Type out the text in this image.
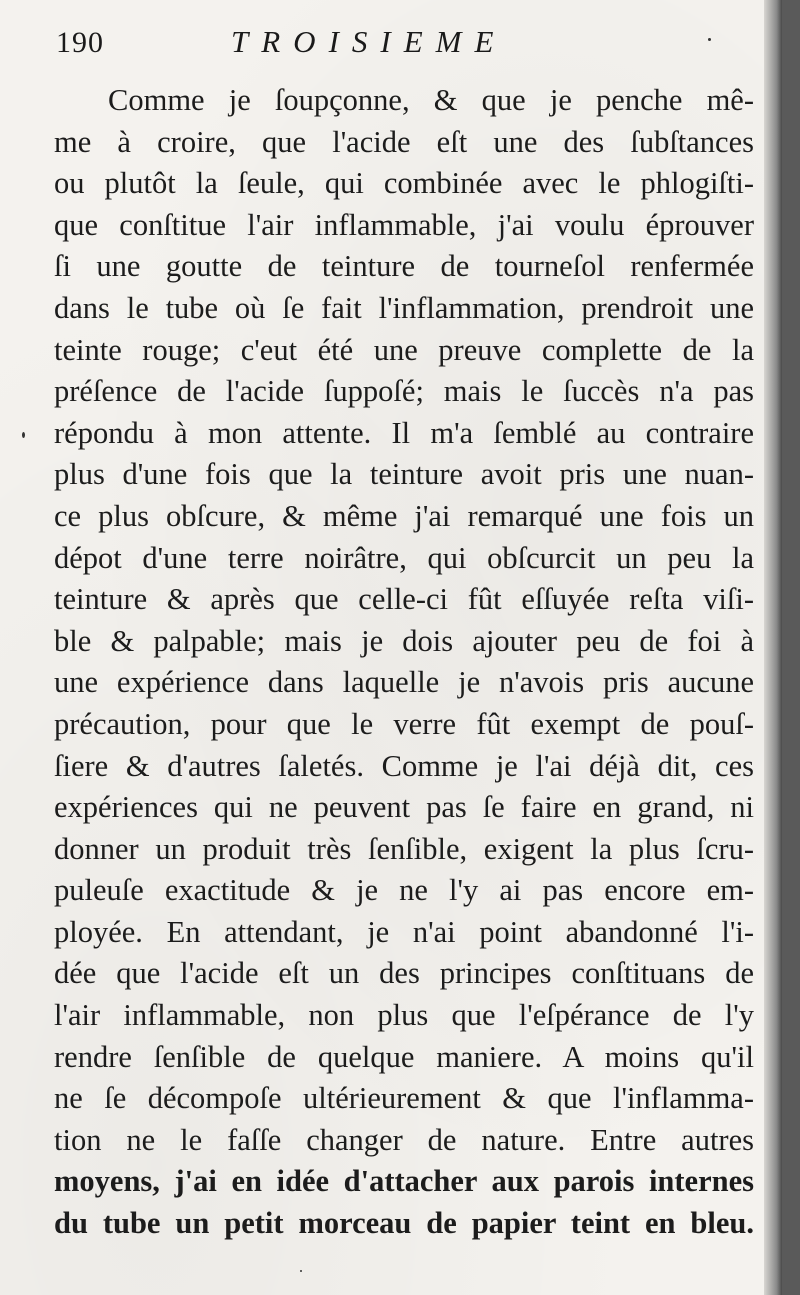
190	TROISIEME
Comme je ſoupçonne, & que je penche mê-
me à croire, que l'acide eſt une des ſubſtances
ou plutôt la ſeule, qui combinée avec le phlogiſti-
que conſtitue l'air inflammable, j'ai voulu éprouver
ſi une goutte de teinture de tourneſol renfermée
dans le tube où ſe fait l'inflammation, prendroit une
teinte rouge; c'eut été une preuve complette de la
préſence de l'acide ſuppoſé; mais le ſuccès n'a pas
répondu à mon attente. Il m'a ſemblé au contraire
plus d'une fois que la teinture avoit pris une nuan-
ce plus obſcure, & même j'ai remarqué une fois un
dépot d'une terre noirâtre, qui obſcurcit un peu la
teinture & après que celle-ci fût eſſuyée reſta viſi-
ble & palpable; mais je dois ajouter peu de foi à
une expérience dans laquelle je n'avois pris aucune
précaution, pour que le verre fût exempt de pouſ-
ſiere & d'autres ſaletés. Comme je l'ai déjà dit, ces
expériences qui ne peuvent pas ſe faire en grand, ni
donner un produit très ſenſible, exigent la plus ſcru-
puleuſe exactitude & je ne l'y ai pas encore em-
ployée. En attendant, je n'ai point abandonné l'i-
dée que l'acide eſt un des principes conſtituans de
l'air inflammable, non plus que l'eſpérance de l'y
rendre ſenſible de quelque maniere. A moins qu'il
ne ſe décompoſe ultérieurement & que l'inflamma-
tion ne le faſſe changer de nature. Entre autres
moyens, j'ai en idée d'attacher aux parois internes
du tube un petit morceau de papier teint en bleu.
